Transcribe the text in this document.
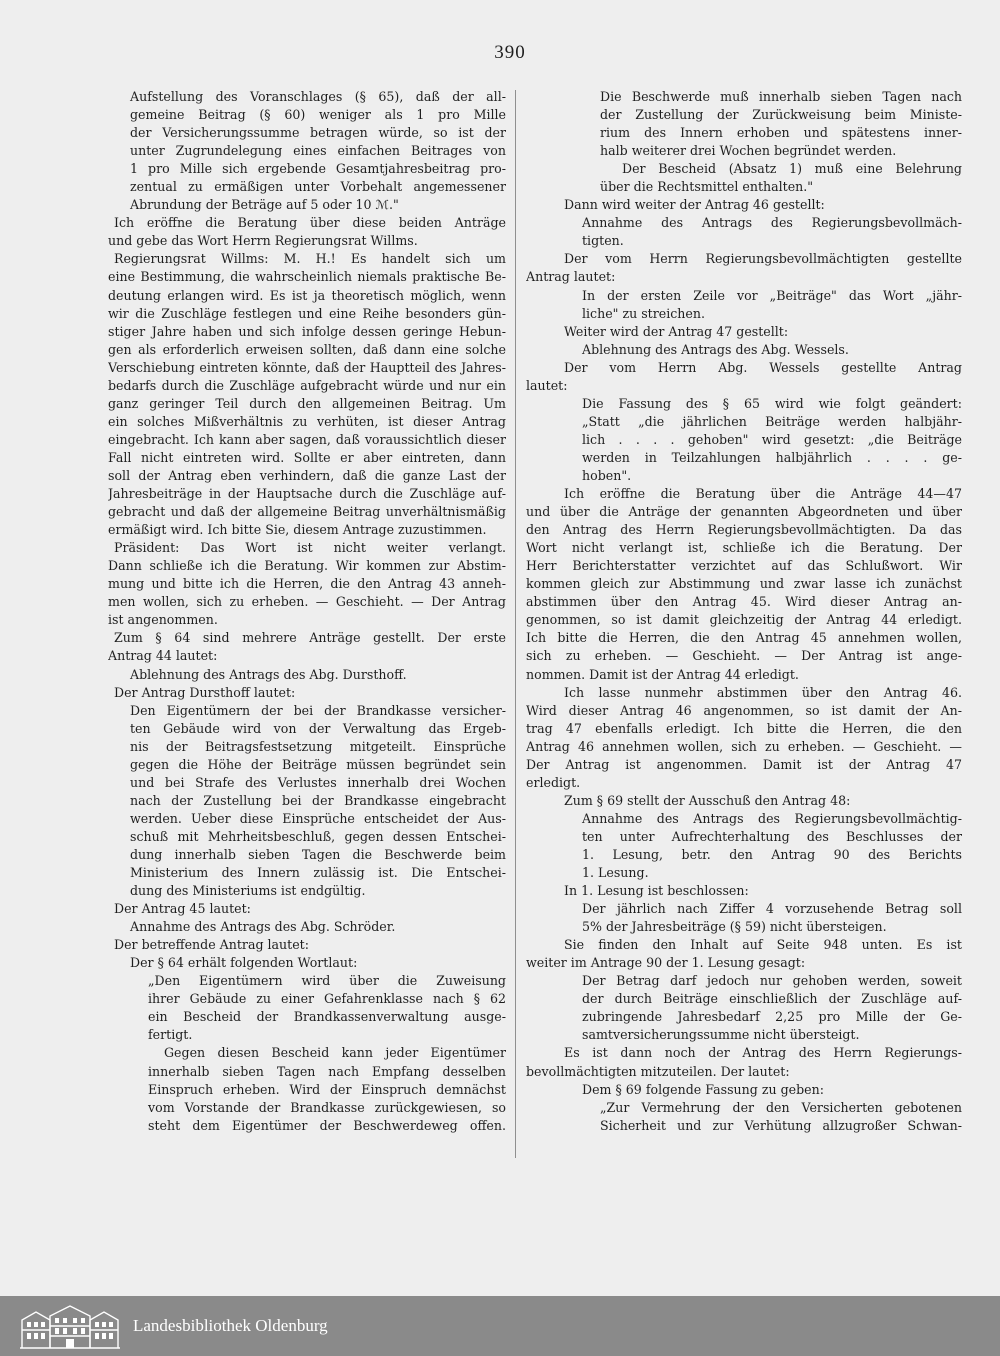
390
Aufstellung des Voranschlages (§ 65), daß der all-
gemeine Beitrag (§ 60) weniger als 1 pro Mille
der Versicherungssumme betragen würde, so ist der
unter Zugrundelegung eines einfachen Beitrages von
1 pro Mille sich ergebende Gesamtjahresbeitrag pro-
zentual zu ermäßigen unter Vorbehalt angemessener
Abrundung der Beträge auf 5 oder 10 ℳ."
Ich eröffne die Beratung über diese beiden Anträge
und gebe das Wort Herrn Regierungsrat Willms.
Regierungsrat Willms: M. H.! Es handelt sich um
eine Bestimmung, die wahrscheinlich niemals praktische Be-
deutung erlangen wird. Es ist ja theoretisch möglich, wenn
wir die Zuschläge festlegen und eine Reihe besonders gün-
stiger Jahre haben und sich infolge dessen geringe Hebun-
gen als erforderlich erweisen sollten, daß dann eine solche
Verschiebung eintreten könnte, daß der Hauptteil des Jahres-
bedarfs durch die Zuschläge aufgebracht würde und nur ein
ganz geringer Teil durch den allgemeinen Beitrag. Um
ein solches Mißverhältnis zu verhüten, ist dieser Antrag
eingebracht. Ich kann aber sagen, daß voraussichtlich dieser
Fall nicht eintreten wird. Sollte er aber eintreten, dann
soll der Antrag eben verhindern, daß die ganze Last der
Jahresbeiträge in der Hauptsache durch die Zuschläge auf-
gebracht und daß der allgemeine Beitrag unverhältnismäßig
ermäßigt wird. Ich bitte Sie, diesem Antrage zuzustimmen.
Präsident: Das Wort ist nicht weiter verlangt.
Dann schließe ich die Beratung. Wir kommen zur Abstim-
mung und bitte ich die Herren, die den Antrag 43 anneh-
men wollen, sich zu erheben. — Geschieht. — Der Antrag
ist angenommen.
Zum § 64 sind mehrere Anträge gestellt. Der erste
Antrag 44 lautet:
Ablehnung des Antrags des Abg. Dursthoff.
Der Antrag Dursthoff lautet:
Den Eigentümern der bei der Brandkasse versicher-
ten Gebäude wird von der Verwaltung das Ergeb-
nis der Beitragsfestsetzung mitgeteilt. Einsprüche
gegen die Höhe der Beiträge müssen begründet sein
und bei Strafe des Verlustes innerhalb drei Wochen
nach der Zustellung bei der Brandkasse eingebracht
werden. Ueber diese Einsprüche entscheidet der Aus-
schuß mit Mehrheitsbeschluß, gegen dessen Entschei-
dung innerhalb sieben Tagen die Beschwerde beim
Ministerium des Innern zulässig ist. Die Entschei-
dung des Ministeriums ist endgültig.
Der Antrag 45 lautet:
Annahme des Antrags des Abg. Schröder.
Der betreffende Antrag lautet:
Der § 64 erhält folgenden Wortlaut:
„Den Eigentümern wird über die Zuweisung
ihrer Gebäude zu einer Gefahrenklasse nach § 62
ein Bescheid der Brandkassenverwaltung ausge-
fertigt.
Gegen diesen Bescheid kann jeder Eigentümer
innerhalb sieben Tagen nach Empfang desselben
Einspruch erheben. Wird der Einspruch demnächst
vom Vorstande der Brandkasse zurückgewiesen, so
steht dem Eigentümer der Beschwerdeweg offen.
Die Beschwerde muß innerhalb sieben Tagen nach
der Zustellung der Zurückweisung beim Ministe-
rium des Innern erhoben und spätestens inner-
halb weiterer drei Wochen begründet werden.
Der Bescheid (Absatz 1) muß eine Belehrung
über die Rechtsmittel enthalten."
Dann wird weiter der Antrag 46 gestellt:
Annahme des Antrags des Regierungsbevollmäch-
tigten.
Der vom Herrn Regierungsbevollmächtigten gestellte
Antrag lautet:
In der ersten Zeile vor „Beiträge" das Wort „jähr-
liche" zu streichen.
Weiter wird der Antrag 47 gestellt:
Ablehnung des Antrags des Abg. Wessels.
Der vom Herrn Abg. Wessels gestellte Antrag
lautet:
Die Fassung des § 65 wird wie folgt geändert:
„Statt „die jährlichen Beiträge werden halbjähr-
lich . . . . gehoben" wird gesetzt: „die Beiträge
werden in Teilzahlungen halbjährlich . . . . ge-
hoben".
Ich eröffne die Beratung über die Anträge 44—47
und über die Anträge der genannten Abgeordneten und über
den Antrag des Herrn Regierungsbevollmächtigten. Da das
Wort nicht verlangt ist, schließe ich die Beratung. Der
Herr Berichterstatter verzichtet auf das Schlußwort. Wir
kommen gleich zur Abstimmung und zwar lasse ich zunächst
abstimmen über den Antrag 45. Wird dieser Antrag an-
genommen, so ist damit gleichzeitig der Antrag 44 erledigt.
Ich bitte die Herren, die den Antrag 45 annehmen wollen,
sich zu erheben. — Geschieht. — Der Antrag ist ange-
nommen. Damit ist der Antrag 44 erledigt.
Ich lasse nunmehr abstimmen über den Antrag 46.
Wird dieser Antrag 46 angenommen, so ist damit der An-
trag 47 ebenfalls erledigt. Ich bitte die Herren, die den
Antrag 46 annehmen wollen, sich zu erheben. — Geschieht. —
Der Antrag ist angenommen. Damit ist der Antrag 47
erledigt.
Zum § 69 stellt der Ausschuß den Antrag 48:
Annahme des Antrags des Regierungsbevollmächtig-
ten unter Aufrechterhaltung des Beschlusses der
1. Lesung, betr. den Antrag 90 des Berichts
1. Lesung.
In 1. Lesung ist beschlossen:
Der jährlich nach Ziffer 4 vorzusehende Betrag soll
5% der Jahresbeiträge (§ 59) nicht übersteigen.
Sie finden den Inhalt auf Seite 948 unten. Es ist
weiter im Antrage 90 der 1. Lesung gesagt:
Der Betrag darf jedoch nur gehoben werden, soweit
der durch Beiträge einschließlich der Zuschläge auf-
zubringende Jahresbedarf 2,25 pro Mille der Ge-
samtversicherungssumme nicht übersteigt.
Es ist dann noch der Antrag des Herrn Regierungs-
bevollmächtigten mitzuteilen. Der lautet:
Dem § 69 folgende Fassung zu geben:
„Zur Vermehrung der den Versicherten gebotenen
Sicherheit und zur Verhütung allzugroßer Schwan-
Landesbibliothek Oldenburg
